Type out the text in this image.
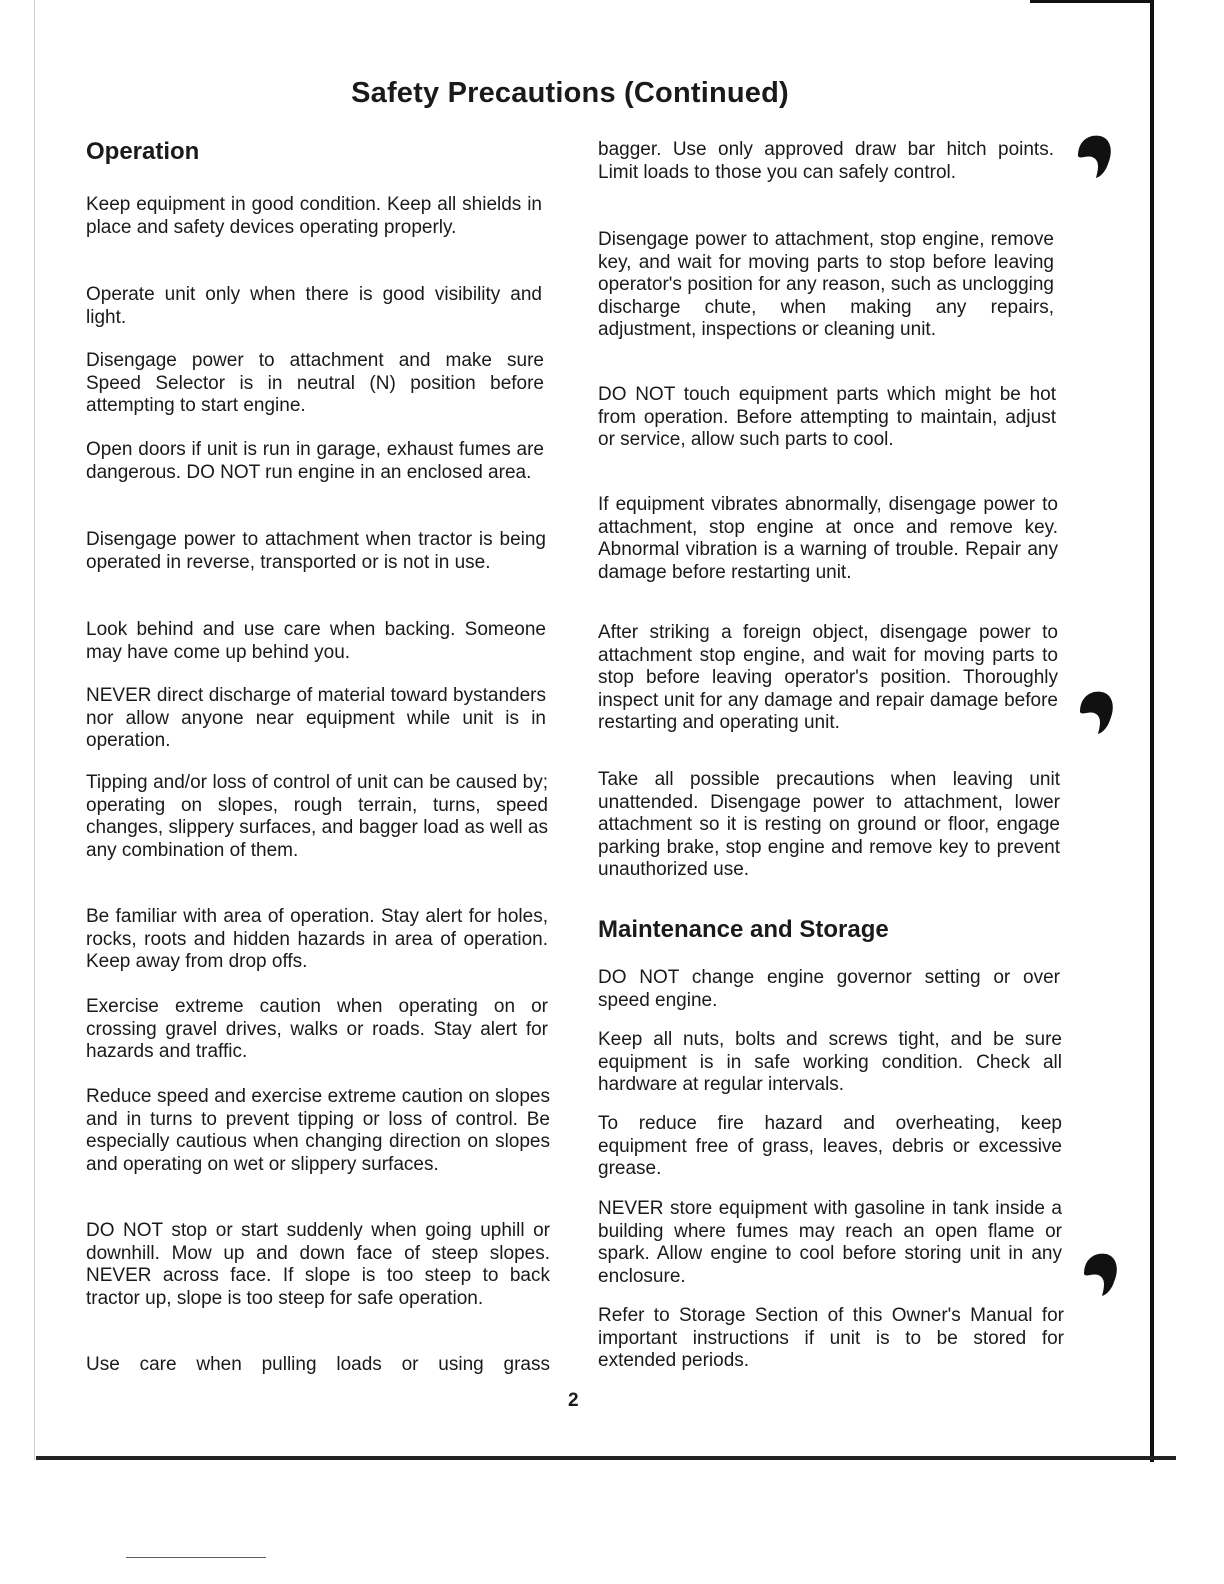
Safety Precautions (Continued)
Operation

Keep equipment in good condition. Keep all shields in place and safety devices operating properly.

Operate unit only when there is good visibility and light.

Disengage power to attachment and make sure Speed Selector is in neutral (N) position before attempting to start engine.

Open doors if unit is run in garage, exhaust fumes are dangerous. DO NOT run engine in an enclosed area.

Disengage power to attachment when tractor is being operated in reverse, transported or is not in use.

Look behind and use care when backing. Someone may have come up behind you.

NEVER direct discharge of material toward bystanders nor allow anyone near equipment while unit is in operation.

Tipping and/or loss of control of unit can be caused by; operating on slopes, rough terrain, turns, speed changes, slippery surfaces, and bagger load as well as any combination of them.

Be familiar with area of operation. Stay alert for holes, rocks, roots and hidden hazards in area of operation. Keep away from drop offs.

Exercise extreme caution when operating on or crossing gravel drives, walks or roads. Stay alert for hazards and traffic.

Reduce speed and exercise extreme caution on slopes and in turns to prevent tipping or loss of control. Be especially cautious when changing direction on slopes and operating on wet or slippery surfaces.

DO NOT stop or start suddenly when going uphill or downhill. Mow up and down face of steep slopes. NEVER across face. If slope is too steep to back tractor up, slope is too steep for safe operation.

Use care when pulling loads or using grass

bagger. Use only approved draw bar hitch points. Limit loads to those you can safely control.

Disengage power to attachment, stop engine, remove key, and wait for moving parts to stop before leaving operator's position for any reason, such as unclogging discharge chute, when making any repairs, adjustment, inspections or cleaning unit.

DO NOT touch equipment parts which might be hot from operation. Before attempting to maintain, adjust or service, allow such parts to cool.

If equipment vibrates abnormally, disengage power to attachment, stop engine at once and remove key. Abnormal vibration is a warning of trouble. Repair any damage before restarting unit.

After striking a foreign object, disengage power to attachment stop engine, and wait for moving parts to stop before leaving operator's position. Thoroughly inspect unit for any damage and repair damage before restarting and operating unit.

Take all possible precautions when leaving unit unattended. Disengage power to attachment, lower attachment so it is resting on ground or floor, engage parking brake, stop engine and remove key to prevent unauthorized use.

Maintenance and Storage

DO NOT change engine governor setting or over speed engine.

Keep all nuts, bolts and screws tight, and be sure equipment is in safe working condition. Check all hardware at regular intervals.

To reduce fire hazard and overheating, keep equipment free of grass, leaves, debris or excessive grease.

NEVER store equipment with gasoline in tank inside a building where fumes may reach an open flame or spark. Allow engine to cool before storing unit in any enclosure.

Refer to Storage Section of this Owner's Manual for important instructions if unit is to be stored for extended periods.

2
